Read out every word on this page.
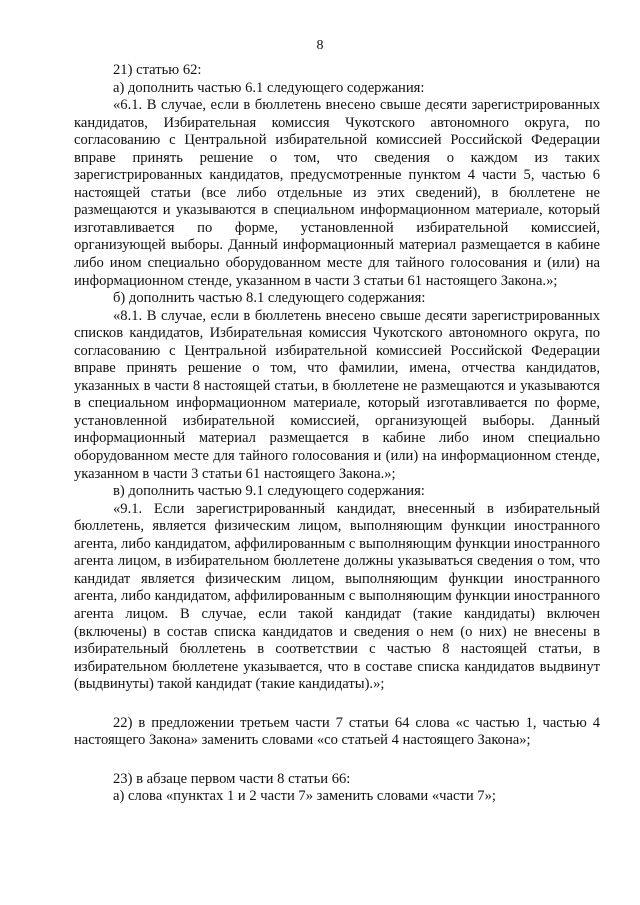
8

21) статью 62:

а) дополнить частью 6.1 следующего содержания:

«6.1. В случае, если в бюллетень внесено свыше десяти зарегистрированных кандидатов, Избирательная комиссия Чукотского автономного округа, по согласованию с Центральной избирательной комиссией Российской Федерации вправе принять решение о том, что сведения о каждом из таких зарегистрированных кандидатов, предусмотренные пунктом 4 части 5, частью 6 настоящей статьи (все либо отдельные из этих сведений), в бюллетене не размещаются и указываются в специальном информационном материале, который изготавливается по форме, установленной избирательной комиссией, организующей выборы. Данный информационный материал размещается в кабине либо ином специально оборудованном месте для тайного голосования и (или) на информационном стенде, указанном в части 3 статьи 61 настоящего Закона.»;

б) дополнить частью 8.1 следующего содержания:

«8.1. В случае, если в бюллетень внесено свыше десяти зарегистрированных списков кандидатов, Избирательная комиссия Чукотского автономного округа, по согласованию с Центральной избирательной комиссией Российской Федерации вправе принять решение о том, что фамилии, имена, отчества кандидатов, указанных в части 8 настоящей статьи, в бюллетене не размещаются и указываются в специальном информационном материале, который изготавливается по форме, установленной избирательной комиссией, организующей выборы. Данный информационный материал размещается в кабине либо ином специально оборудованном месте для тайного голосования и (или) на информационном стенде, указанном в части 3 статьи 61 настоящего Закона.»;

в) дополнить частью 9.1 следующего содержания:

«9.1. Если зарегистрированный кандидат, внесенный в избирательный бюллетень, является физическим лицом, выполняющим функции иностранного агента, либо кандидатом, аффилированным с выполняющим функции иностранного агента лицом, в избирательном бюллетене должны указываться сведения о том, что кандидат является физическим лицом, выполняющим функции иностранного агента, либо кандидатом, аффилированным с выполняющим функции иностранного агента лицом. В случае, если такой кандидат (такие кандидаты) включен (включены) в состав списка кандидатов и сведения о нем (о них) не внесены в избирательный бюллетень в соответствии с частью 8 настоящей статьи, в избирательном бюллетене указывается, что в составе списка кандидатов выдвинут (выдвинуты) такой кандидат (такие кандидаты).»;

22) в предложении третьем части 7 статьи 64 слова «с частью 1, частью 4 настоящего Закона» заменить словами «со статьей 4 настоящего Закона»;

23) в абзаце первом части 8 статьи 66:

а) слова «пунктах 1 и 2 части 7» заменить словами «части 7»;
